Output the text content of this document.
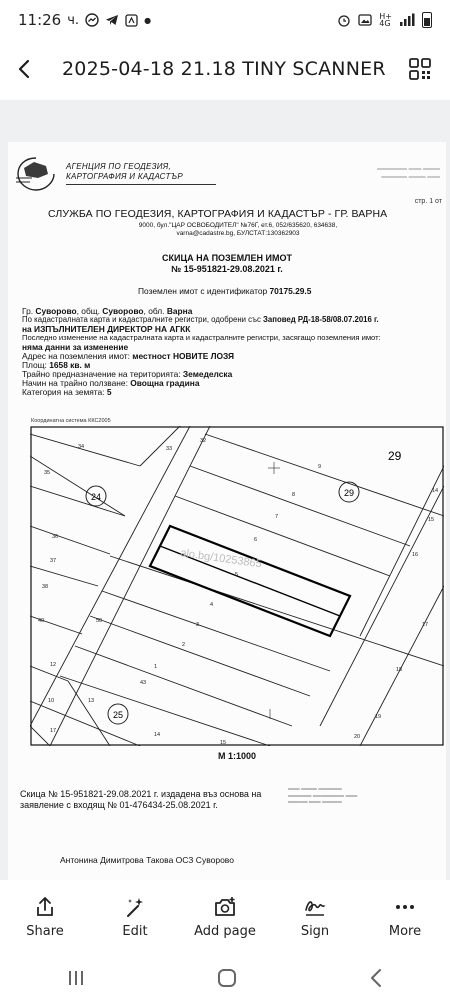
11:26 ч.	●	H+
4G
2025-04-18 21.18 TINY SCANNER
АГЕНЦИЯ ПО ГЕОДЕЗИЯ,
КАРТОГРАФИЯ И КАДАСТЪР
═══════ ═══ ════
══════ ════ ═══
стр. 1 от
СЛУЖБА ПО ГЕОДЕЗИЯ, КАРТОГРАФИЯ И КАДАСТЪР - ГР. ВАРНА
9000, бул."ЦАР ОСВОБОДИТЕЛ" №76Г, ет.6, 052/635620, 634638,
varna@cadastre.bg, БУЛСТАТ:130362903
СКИЦА НА ПОЗЕМЛЕН ИМОТ
№ 15-951821-29.08.2021 г.
Поземлен имот с идентификатор 70175.29.5
Гр. Суворово, общ. Суворово, обл. Варна
По кадастралната карта и кадастралните регистри, одобрени със Заповед РД-18-58/08.07.2016 г.
на ИЗПЪЛНИТЕЛЕН ДИРЕКТОР НА АГКК
Последно изменение на кадастралната карта и кадастралните регистри, засягащо поземления имот:
няма данни за изменение
Адрес на поземления имот: местност НОВИТЕ ЛОЗЯ
Площ: 1658 кв. м
Трайно предназначение на територията: Земеделска
Начин на трайно ползване: Овощна градина
Категория на земята: 5
Координатна система ККС2005
24	29
25
29
34	33
32
35
36
37
38
40	50
12
10	13
1
2
3
4
5
6
7
8
9
14
15
16
17
18
19
20
14
17
43
15
alo.bg/10253865
М 1:1000
Скица № 15-951821-29.08.2021 г. издадена въз основа на
заявление с входящ № 01-476434-25.08.2021 г.
═══ ════ ══════
══════ ════════ ═══
═════ ═══ ═════
Антонина Димитрова Такова ОСЗ Суворово
Share	Edit	Add page	Sign	More
